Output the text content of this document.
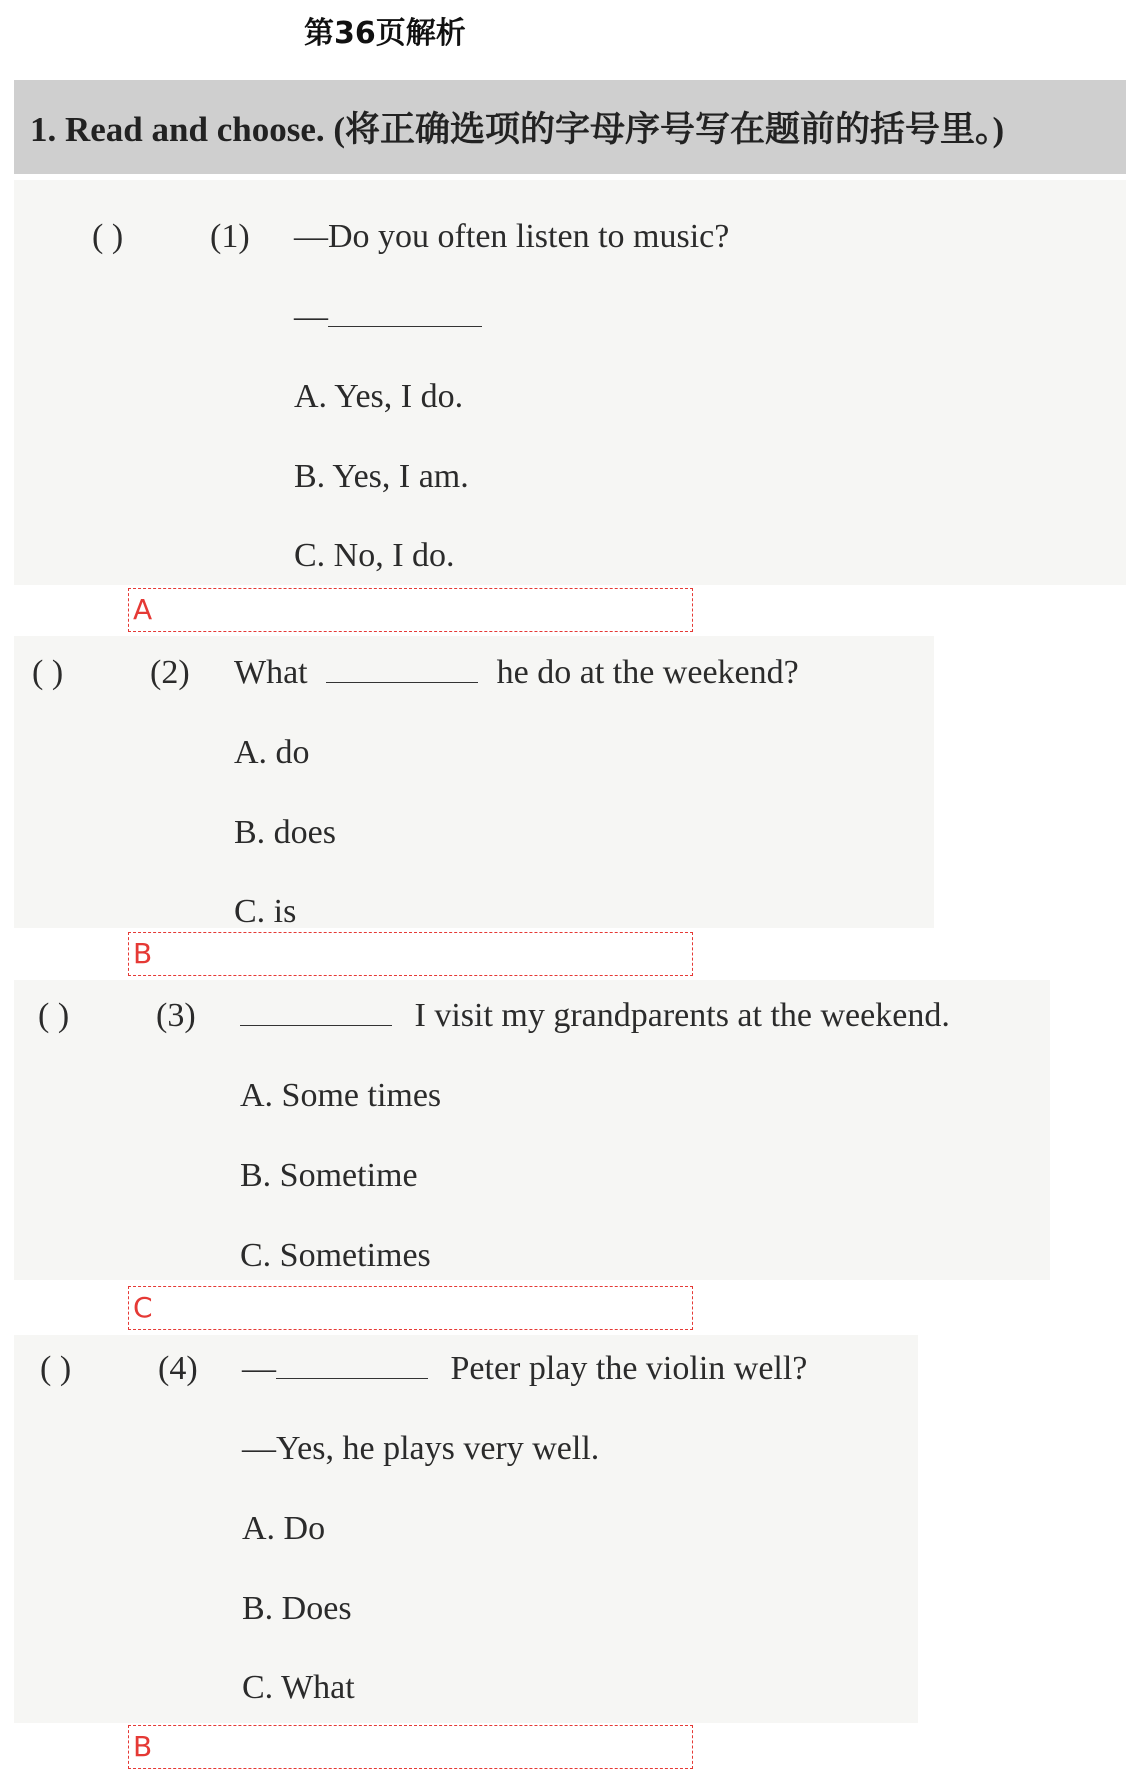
第36页解析
1. Read and choose. (将正确选项的字母序号写在题前的括号里。)
( )	(1) —Do you often listen to music?
—
A. Yes, I do.
B. Yes, I am.
C. No, I do.
A
( )	(2) What	he do at the weekend?
A. do
B. does
C. is
B
( )	(3)	I visit my grandparents at the weekend.
A. Some times
B. Sometime
C. Sometimes
C
( )	(4) —	Peter play the violin well?
—Yes, he plays very well.
A. Do
B. Does
C. What
B
